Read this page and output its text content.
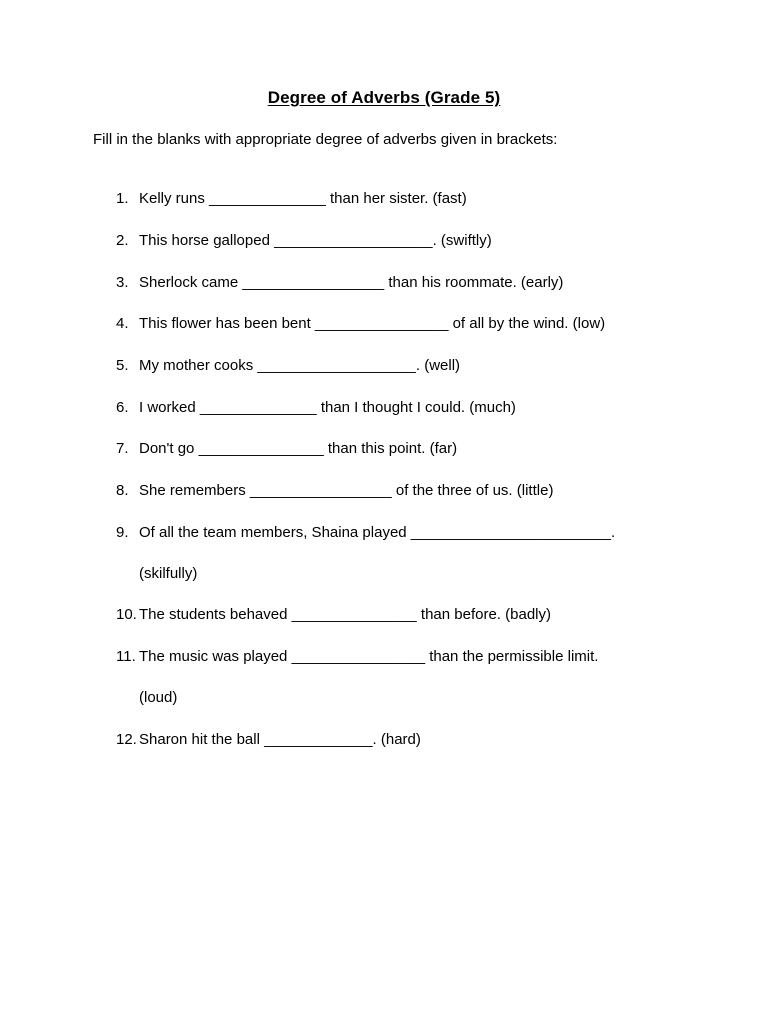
Degree of Adverbs (Grade 5)
Fill in the blanks with appropriate degree of adverbs given in brackets:
1. Kelly runs ______________ than her sister. (fast)
2. This horse galloped ___________________. (swiftly)
3. Sherlock came _________________ than his roommate. (early)
4. This flower has been bent ________________ of all by the wind. (low)
5. My mother cooks ___________________. (well)
6. I worked ______________ than I thought I could. (much)
7. Don't go _______________ than this point. (far)
8. She remembers _________________ of the three of us. (little)
9. Of all the team members, Shaina played ________________________.
(skilfully)
10. The students behaved _______________ than before. (badly)
11. The music was played ________________ than the permissible limit.
(loud)
12. Sharon hit the ball _____________. (hard)
